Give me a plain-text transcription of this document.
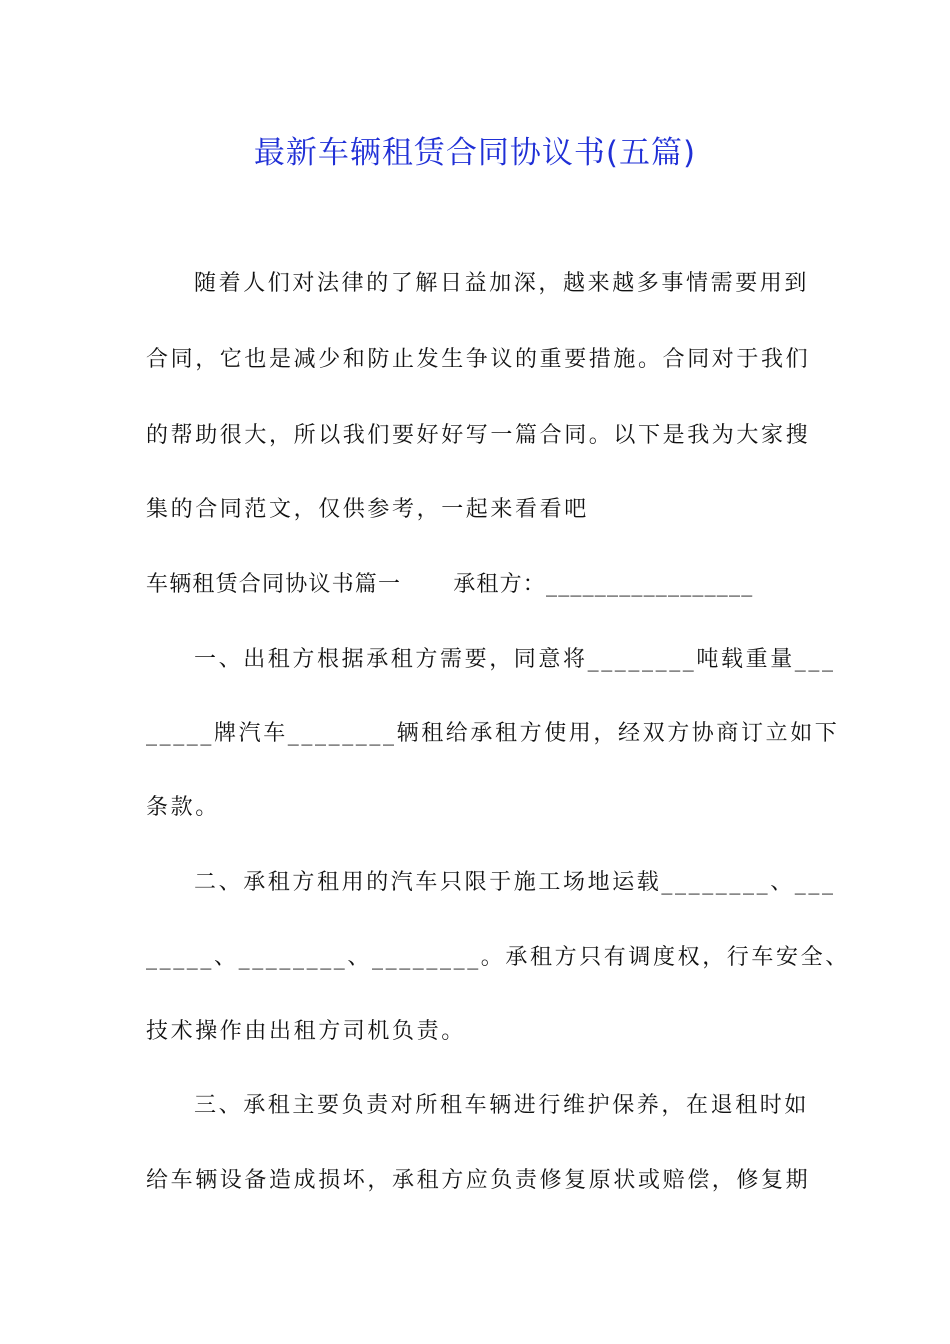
最新车辆租赁合同协议书(五篇)
随着人们对法律的了解日益加深，越来越多事情需要用到
合同，它也是减少和防止发生争议的重要措施。合同对于我们
的帮助很大，所以我们要好好写一篇合同。以下是我为大家搜
集的合同范文，仅供参考，一起来看看吧
车辆租赁合同协议书篇一 承租方：_________________
一、出租方根据承租方需要，同意将________吨载重量___
_____牌汽车________辆租给承租方使用，经双方协商订立如下
条款。
二、承租方租用的汽车只限于施工场地运载________、___
_____、________、________。承租方只有调度权，行车安全、
技术操作由出租方司机负责。
三、承租主要负责对所租车辆进行维护保养，在退租时如
给车辆设备造成损坏，承租方应负责修复原状或赔偿，修复期
